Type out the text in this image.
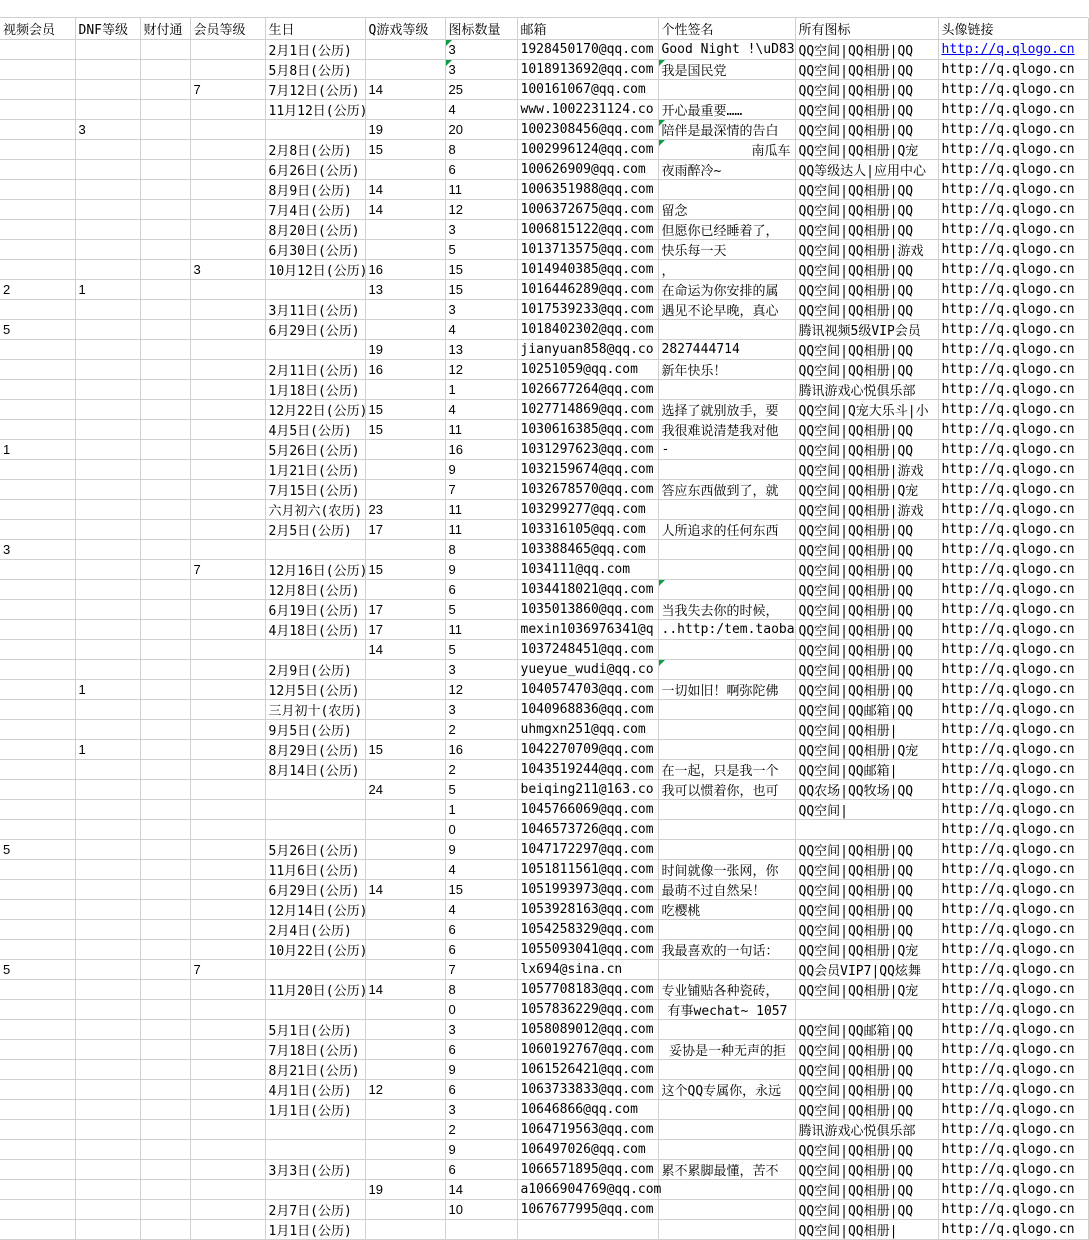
视频会员	DNF等级	财付通	会员等级	生日	Q游戏等级	图标数量	邮箱	个性签名	所有图标	头像链接
				2月1日(公历)		3	1928450170@qq.com	Good Night !\uD83	QQ空间|QQ相册|QQ	http://q.qlogo.cn
				5月8日(公历)		3	1018913692@qq.com	我是国民党	QQ空间|QQ相册|QQ	http://q.qlogo.cn
			7	7月12日(公历)	14	25	100161067@qq.com		QQ空间|QQ相册|QQ	http://q.qlogo.cn
				11月12日(公历)		4	www.1002231124.co	开心最重要……	QQ空间|QQ相册|QQ	http://q.qlogo.cn
	3				19	20	1002308456@qq.com	陪伴是最深情的告白	QQ空间|QQ相册|QQ	http://q.qlogo.cn
				2月8日(公历)	15	8	1002996124@qq.com	南瓜车	QQ空间|QQ相册|Q宠	http://q.qlogo.cn
				6月26日(公历)		6	100626909@qq.com	夜雨醉冷~	QQ等级达人|应用中心	http://q.qlogo.cn
				8月9日(公历)	14	11	1006351988@qq.com		QQ空间|QQ相册|QQ	http://q.qlogo.cn
				7月4日(公历)	14	12	1006372675@qq.com	留念	QQ空间|QQ相册|QQ	http://q.qlogo.cn
				8月20日(公历)		3	1006815122@qq.com	但愿你已经睡着了，	QQ空间|QQ相册|QQ	http://q.qlogo.cn
				6月30日(公历)		5	1013713575@qq.com	快乐每一天	QQ空间|QQ相册|游戏	http://q.qlogo.cn
			3	10月12日(公历)	16	15	1014940385@qq.com	，	QQ空间|QQ相册|QQ	http://q.qlogo.cn
2	1				13	15	1016446289@qq.com	在命运为你安排的属	QQ空间|QQ相册|QQ	http://q.qlogo.cn
				3月11日(公历)		3	1017539233@qq.com	遇见不论早晚，真心	QQ空间|QQ相册|QQ	http://q.qlogo.cn
5				6月29日(公历)		4	1018402302@qq.com		腾讯视频5级VIP会员	http://q.qlogo.cn
					19	13	jianyuan858@qq.co	2827444714	QQ空间|QQ相册|QQ	http://q.qlogo.cn
				2月11日(公历)	16	12	10251059@qq.com	新年快乐！	QQ空间|QQ相册|QQ	http://q.qlogo.cn
				1月18日(公历)		1	1026677264@qq.com		腾讯游戏心悦俱乐部	http://q.qlogo.cn
				12月22日(公历)	15	4	1027714869@qq.com	选择了就别放手，要	QQ空间|Q宠大乐斗|小	http://q.qlogo.cn
				4月5日(公历)	15	11	1030616385@qq.com	我很难说清楚我对他	QQ空间|QQ相册|QQ	http://q.qlogo.cn
1				5月26日(公历)		16	1031297623@qq.com	-	QQ空间|QQ相册|QQ	http://q.qlogo.cn
				1月21日(公历)		9	1032159674@qq.com		QQ空间|QQ相册|游戏	http://q.qlogo.cn
				7月15日(公历)		7	1032678570@qq.com	答应东西做到了，就	QQ空间|QQ相册|Q宠	http://q.qlogo.cn
				六月初六(农历)	23	11	103299277@qq.com		QQ空间|QQ相册|游戏	http://q.qlogo.cn
				2月5日(公历)	17	11	103316105@qq.com	人所追求的任何东西	QQ空间|QQ相册|QQ	http://q.qlogo.cn
3						8	103388465@qq.com		QQ空间|QQ相册|QQ	http://q.qlogo.cn
			7	12月16日(公历)	15	9	1034111@qq.com		QQ空间|QQ相册|QQ	http://q.qlogo.cn
				12月8日(公历)		6	1034418021@qq.com		QQ空间|QQ相册|QQ	http://q.qlogo.cn
				6月19日(公历)	17	5	1035013860@qq.com	当我失去你的时候，	QQ空间|QQ相册|QQ	http://q.qlogo.cn
				4月18日(公历)	17	11	mexin1036976341@q	..http:/tem.taoba	QQ空间|QQ相册|QQ	http://q.qlogo.cn
					14	5	1037248451@qq.com		QQ空间|QQ相册|QQ	http://q.qlogo.cn
				2月9日(公历)		3	yueyue_wudi@qq.co		QQ空间|QQ相册|QQ	http://q.qlogo.cn
	1			12月5日(公历)		12	1040574703@qq.com	一切如旧！啊弥陀佛	QQ空间|QQ相册|QQ	http://q.qlogo.cn
				三月初十(农历)		3	1040968836@qq.com		QQ空间|QQ邮箱|QQ	http://q.qlogo.cn
				9月5日(公历)		2	uhmgxn251@qq.com		QQ空间|QQ相册|	http://q.qlogo.cn
	1			8月29日(公历)	15	16	1042270709@qq.com		QQ空间|QQ相册|Q宠	http://q.qlogo.cn
				8月14日(公历)		2	1043519244@qq.com	在一起，只是我一个	QQ空间|QQ邮箱|	http://q.qlogo.cn
					24	5	beiqing211@163.co	我可以惯着你，也可	QQ农场|QQ牧场|QQ	http://q.qlogo.cn
						1	1045766069@qq.com		QQ空间|	http://q.qlogo.cn
						0	1046573726@qq.com			http://q.qlogo.cn
5				5月26日(公历)		9	1047172297@qq.com		QQ空间|QQ相册|QQ	http://q.qlogo.cn
				11月6日(公历)		4	1051811561@qq.com	时间就像一张网，你	QQ空间|QQ相册|QQ	http://q.qlogo.cn
				6月29日(公历)	14	15	1051993973@qq.com	最萌不过自然呆！	QQ空间|QQ相册|QQ	http://q.qlogo.cn
				12月14日(公历)		4	1053928163@qq.com	吃樱桃	QQ空间|QQ相册|QQ	http://q.qlogo.cn
				2月4日(公历)		6	1054258329@qq.com		QQ空间|QQ相册|QQ	http://q.qlogo.cn
				10月22日(公历)		6	1055093041@qq.com	我最喜欢的一句话：	QQ空间|QQ相册|Q宠	http://q.qlogo.cn
5			7			7	lx694@sina.cn		QQ会员VIP7|QQ炫舞	http://q.qlogo.cn
				11月20日(公历)	14	8	1057708183@qq.com	专业铺贴各种瓷砖，	QQ空间|QQ相册|Q宠	http://q.qlogo.cn
						0	1057836229@qq.com	有事wechat~ 1057		http://q.qlogo.cn
				5月1日(公历)		3	1058089012@qq.com		QQ空间|QQ邮箱|QQ	http://q.qlogo.cn
				7月18日(公历)		6	1060192767@qq.com	妥协是一种无声的拒	QQ空间|QQ相册|QQ	http://q.qlogo.cn
				8月21日(公历)		9	1061526421@qq.com		QQ空间|QQ相册|QQ	http://q.qlogo.cn
				4月1日(公历)	12	6	1063733833@qq.com	这个QQ专属你，永远	QQ空间|QQ相册|QQ	http://q.qlogo.cn
				1月1日(公历)		3	10646866@qq.com		QQ空间|QQ相册|QQ	http://q.qlogo.cn
						2	1064719563@qq.com		腾讯游戏心悦俱乐部	http://q.qlogo.cn
						9	106497026@qq.com		QQ空间|QQ相册|QQ	http://q.qlogo.cn
				3月3日(公历)		6	1066571895@qq.com	累不累脚最懂，苦不	QQ空间|QQ相册|QQ	http://q.qlogo.cn
					19	14	a1066904769@qq.com		QQ空间|QQ相册|QQ	http://q.qlogo.cn
				2月7日(公历)		10	1067677995@qq.com		QQ空间|QQ相册|QQ	http://q.qlogo.cn
				1月1日(公历)					QQ空间|QQ相册|	http://q.qlogo.cn
